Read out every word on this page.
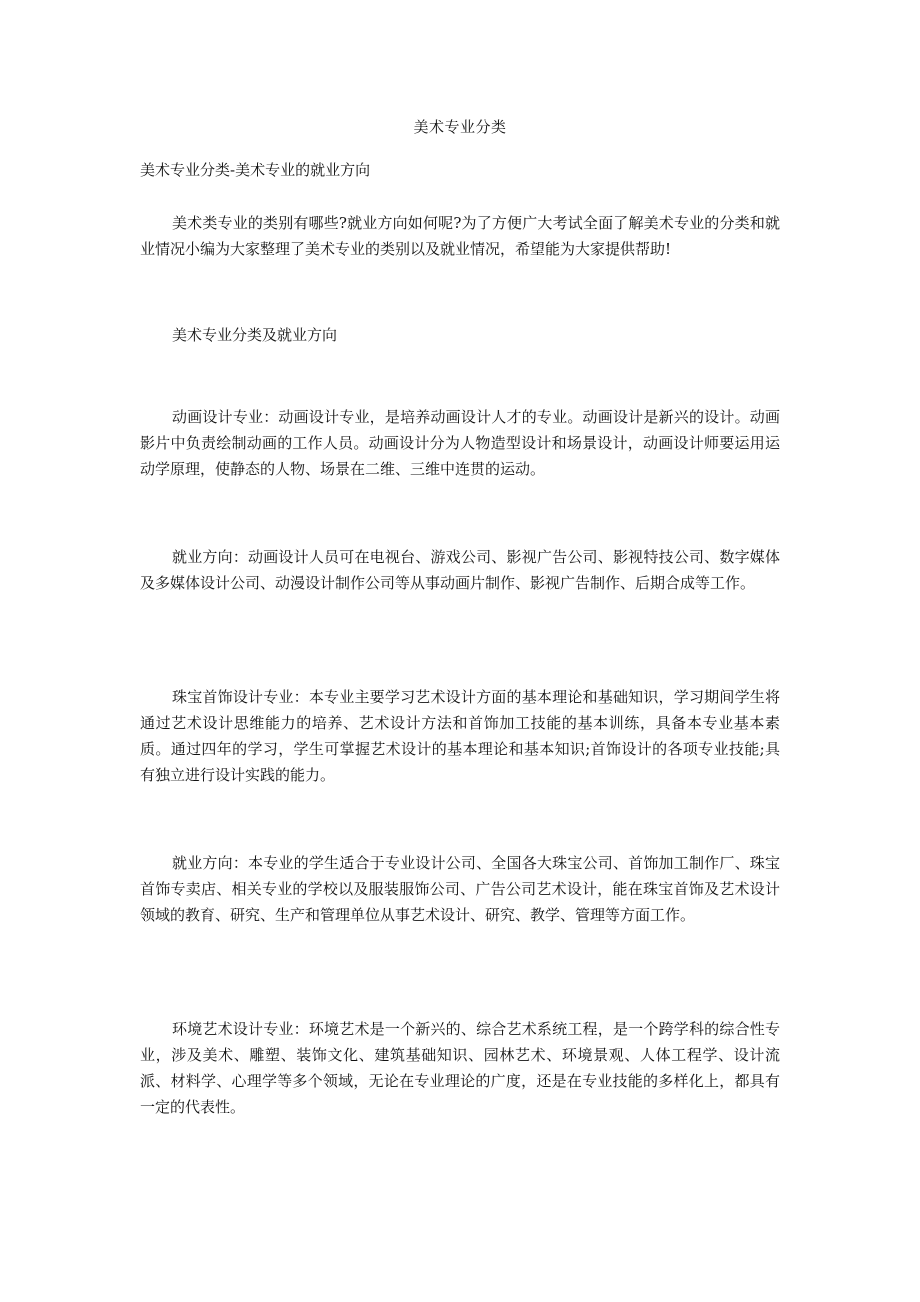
美术专业分类
美术专业分类-美术专业的就业方向

美术类专业的类别有哪些?就业方向如何呢?为了方便广大考试全面了解美术专业的分类和就业情况小编为大家整理了美术专业的类别以及就业情况，希望能为大家提供帮助!

美术专业分类及就业方向

动画设计专业：动画设计专业，是培养动画设计人才的专业。动画设计是新兴的设计。动画影片中负责绘制动画的工作人员。动画设计分为人物造型设计和场景设计，动画设计师要运用运动学原理，使静态的人物、场景在二维、三维中连贯的运动。

就业方向：动画设计人员可在电视台、游戏公司、影视广告公司、影视特技公司、数字媒体及多媒体设计公司、动漫设计制作公司等从事动画片制作、影视广告制作、后期合成等工作。

珠宝首饰设计专业：本专业主要学习艺术设计方面的基本理论和基础知识，学习期间学生将通过艺术设计思维能力的培养、艺术设计方法和首饰加工技能的基本训练，具备本专业基本素质。通过四年的学习，学生可掌握艺术设计的基本理论和基本知识;首饰设计的各项专业技能;具有独立进行设计实践的能力。

就业方向：本专业的学生适合于专业设计公司、全国各大珠宝公司、首饰加工制作厂、珠宝首饰专卖店、相关专业的学校以及服装服饰公司、广告公司艺术设计，能在珠宝首饰及艺术设计领域的教育、研究、生产和管理单位从事艺术设计、研究、教学、管理等方面工作。

环境艺术设计专业：环境艺术是一个新兴的、综合艺术系统工程，是一个跨学科的综合性专业，涉及美术、雕塑、装饰文化、建筑基础知识、园林艺术、环境景观、人体工程学、设计流派、材料学、心理学等多个领域，无论在专业理论的广度，还是在专业技能的多样化上，都具有一定的代表性。
